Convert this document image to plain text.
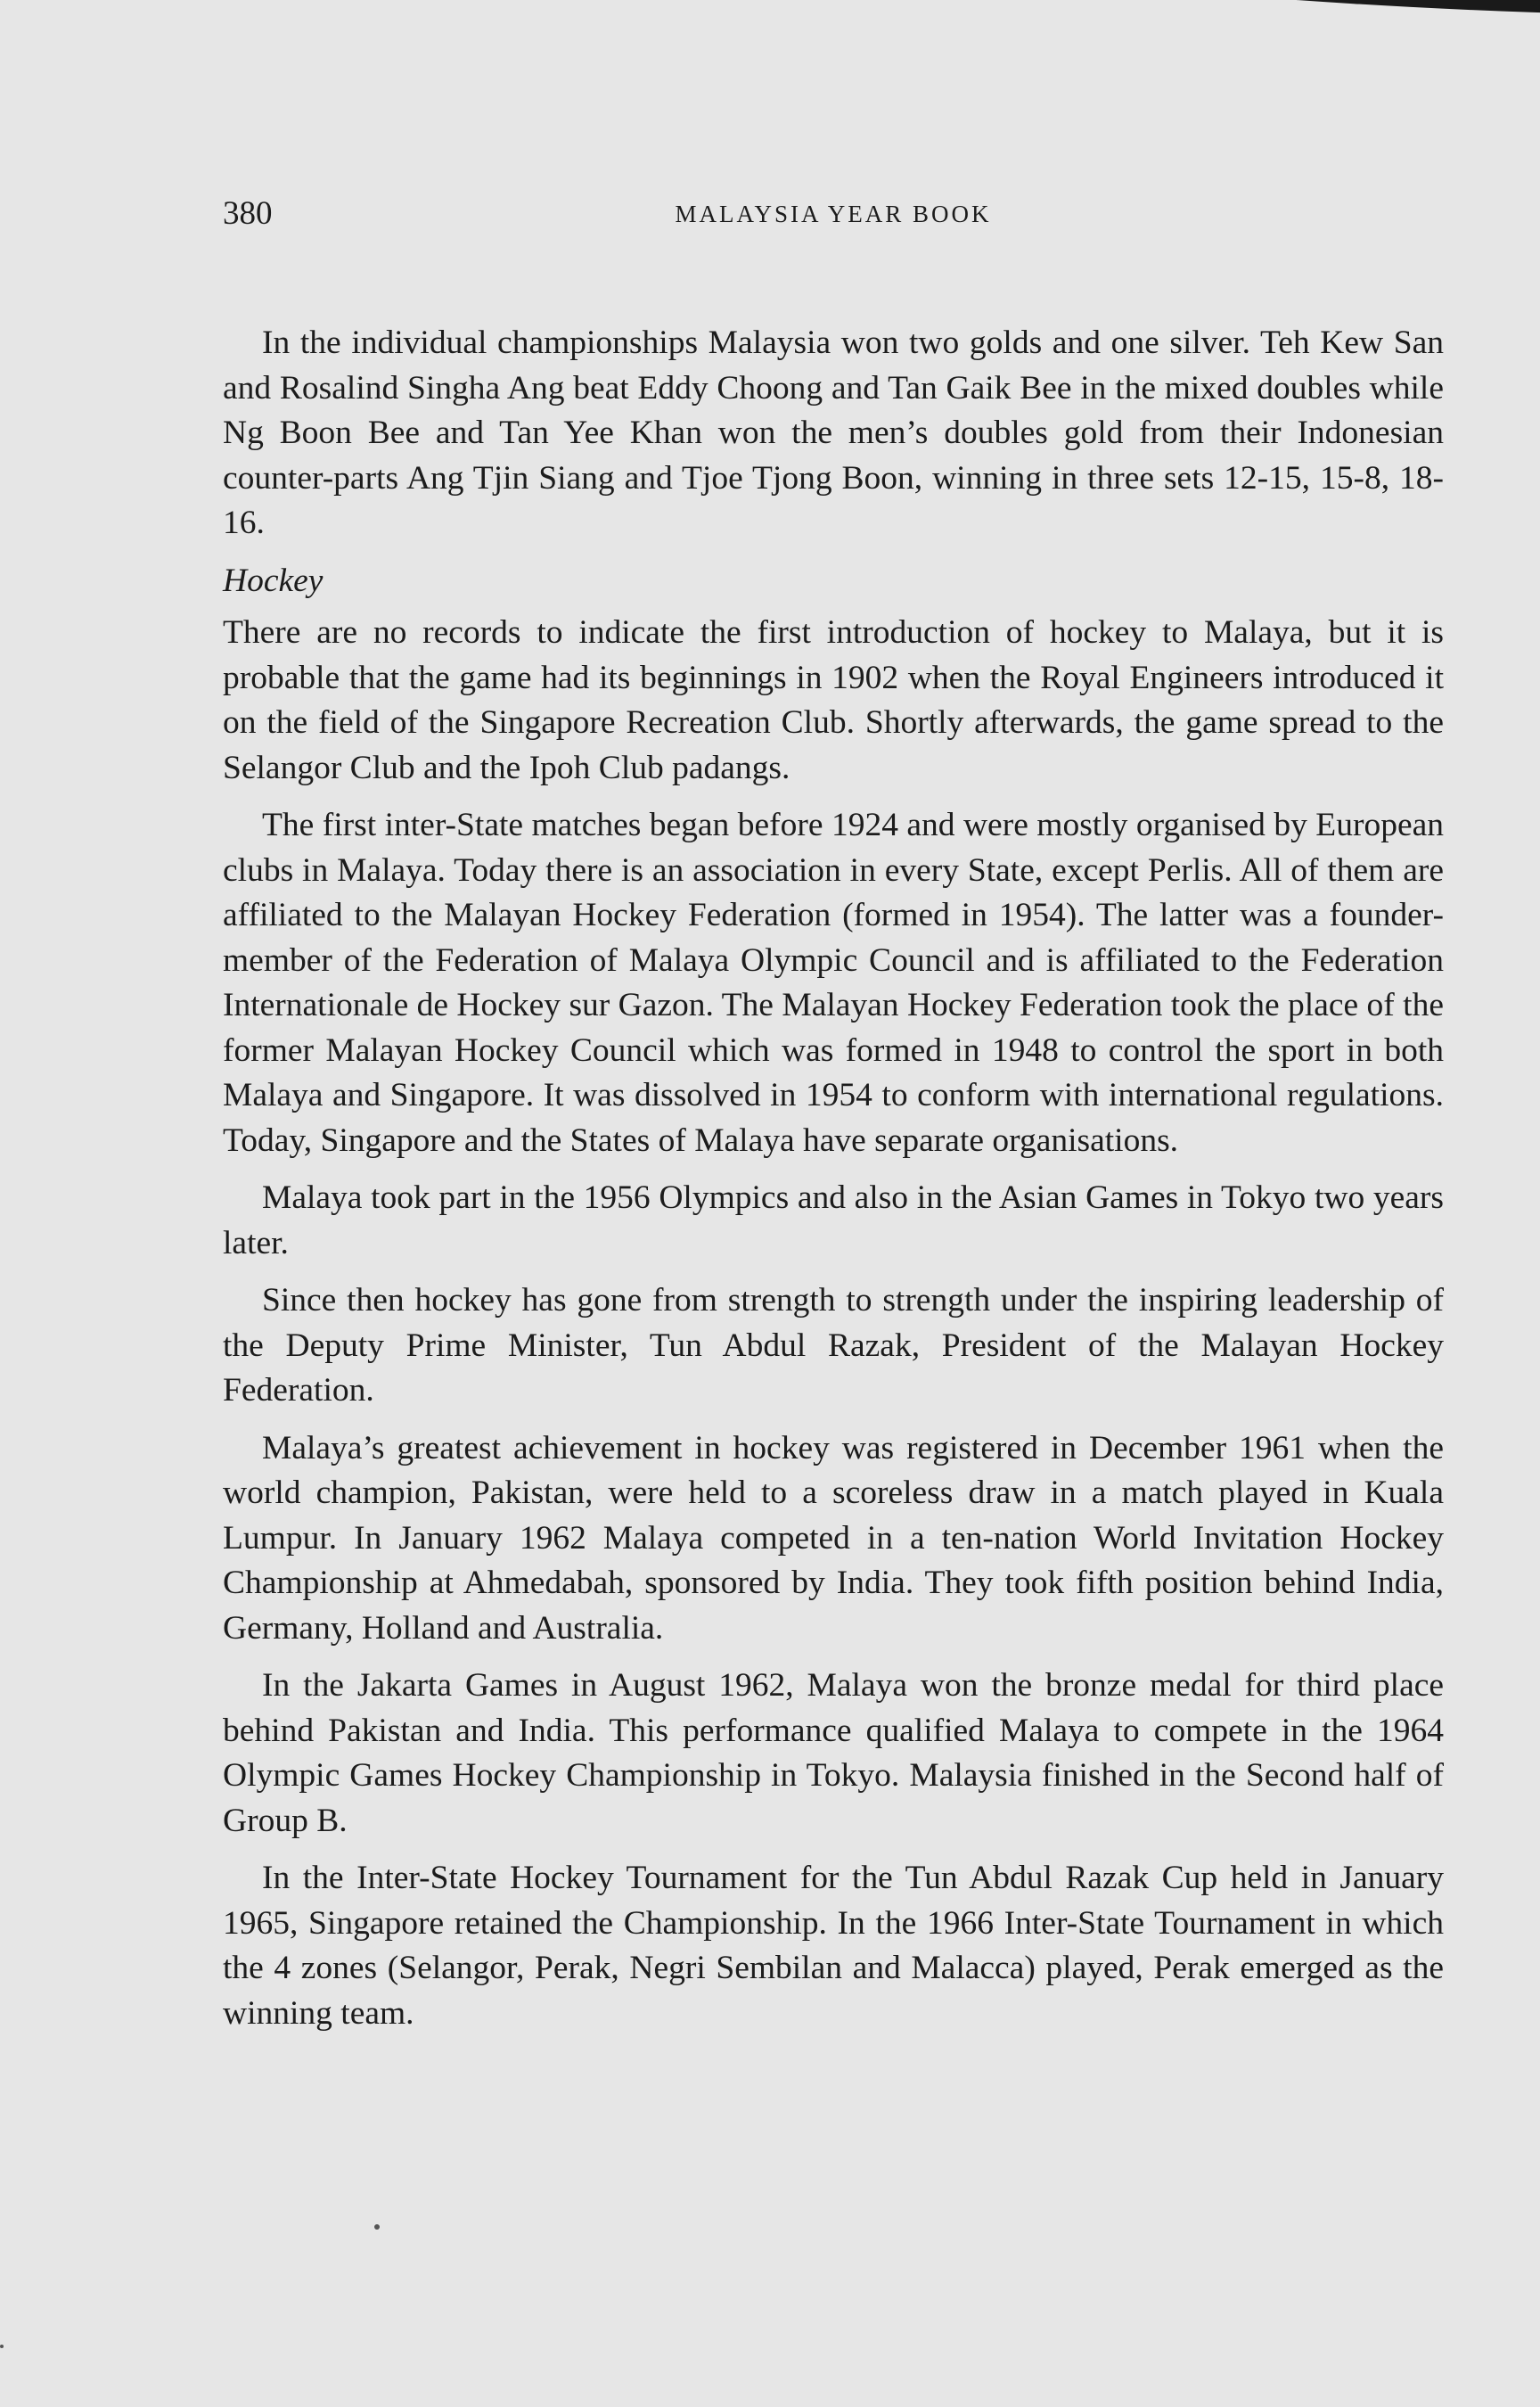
380	MALAYSIA YEAR BOOK

In the individual championships Malaysia won two golds and one silver. Teh Kew San and Rosalind Singha Ang beat Eddy Choong and Tan Gaik Bee in the mixed doubles while Ng Boon Bee and Tan Yee Khan won the men’s doubles gold from their Indonesian counter-parts Ang Tjin Siang and Tjoe Tjong Boon, winning in three sets 12-15, 15-8, 18-16.

Hockey

There are no records to indicate the first introduction of hockey to Malaya, but it is probable that the game had its beginnings in 1902 when the Royal Engineers introduced it on the field of the Singapore Recreation Club. Shortly afterwards, the game spread to the Selangor Club and the Ipoh Club padangs.

The first inter-State matches began before 1924 and were mostly organised by European clubs in Malaya. Today there is an association in every State, except Perlis. All of them are affiliated to the Malayan Hockey Federation (formed in 1954). The latter was a founder-member of the Federation of Malaya Olympic Council and is affiliated to the Federation Internationale de Hockey sur Gazon. The Malayan Hockey Federation took the place of the former Malayan Hockey Council which was formed in 1948 to control the sport in both Malaya and Singapore. It was dissolved in 1954 to conform with international regulations. Today, Singapore and the States of Malaya have separate organisations.

Malaya took part in the 1956 Olympics and also in the Asian Games in Tokyo two years later.

Since then hockey has gone from strength to strength under the inspiring leadership of the Deputy Prime Minister, Tun Abdul Razak, President of the Malayan Hockey Federation.

Malaya’s greatest achievement in hockey was registered in December 1961 when the world champion, Pakistan, were held to a scoreless draw in a match played in Kuala Lumpur. In January 1962 Malaya competed in a ten-nation World Invitation Hockey Championship at Ahmedabah, sponsored by India. They took fifth position behind India, Germany, Holland and Australia.

In the Jakarta Games in August 1962, Malaya won the bronze medal for third place behind Pakistan and India. This performance qualified Malaya to compete in the 1964 Olympic Games Hockey Championship in Tokyo. Malaysia finished in the Second half of Group B.

In the Inter-State Hockey Tournament for the Tun Abdul Razak Cup held in January 1965, Singapore retained the Championship. In the 1966 Inter-State Tournament in which the 4 zones (Selangor, Perak, Negri Sembilan and Malacca) played, Perak emerged as the winning team.
